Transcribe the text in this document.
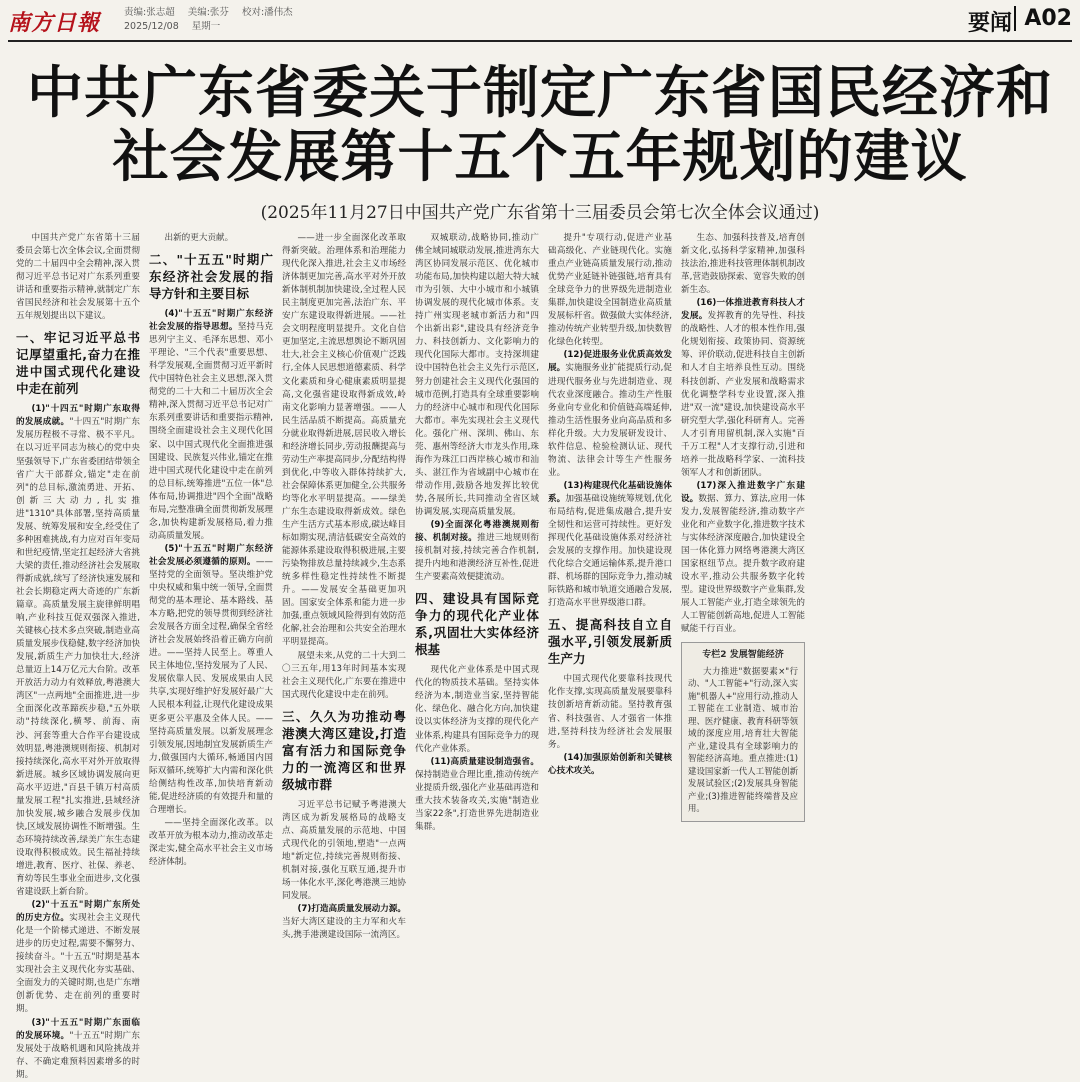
南方日報	责编:张志超 美编:张芬 校对:潘伟杰
2025/12/08 星期一	要闻 A02
中共广东省委关于制定广东省国民经济和
社会发展第十五个五年规划的建议
(2025年11月27日中国共产党广东省第十三届委员会第七次全体会议通过)

中国共产党广东省第十三届委员会第七次全体会议,全面贯彻党的二十届四中全会精神,深入贯彻习近平总书记对广东系列重要讲话和重要指示精神,就制定广东省国民经济和社会发展第十五个五年规划提出以下建议。

一、牢记习近平总书记厚望重托,奋力在推进中国式现代化建设中走在前列

(1)"十四五"时期广东取得的发展成就。"十四五"时期广东发展历程极不寻常、极不平凡。在以习近平同志为核心的党中央坚强领导下,广东省委团结带领全省广大干部群众,锚定"走在前列"的总目标,激流勇进、开拓、创新三大动力,扎实推进"1310"具体部署,坚持高质量发展、统筹发展和安全,经受住了多种困难挑战,有力应对百年变局和世纪疫情,坚定扛起经济大省挑大梁的责任,推动经济社会发展取得新成就,续写了经济快速发展和社会长期稳定两大奇迹的广东新篇章。高质量发展主旋律鲜明唱响,产业科技互促双强深入推进,关键核心技术多点突破,制造业高质量发展步伐稳健,数字经济加快发展,新质生产力加快壮大,经济总量迈上14万亿元大台阶。改革开放活力动力有效释放,粤港澳大湾区"一点两地"全面推进,进一步全面深化改革蹄疾步稳,"五外联动"持续深化,横琴、前海、南沙、河套等重大合作平台建设成效明显,粤港澳规则衔接、机制对接持续深化,高水平对外开放取得新进展。城乡区域协调发展向更高水平迈进,"百县千镇万村高质量发展工程"扎实推进,县域经济加快发展,城乡融合发展步伐加快,区域发展协调性不断增强。生态环境持续改善,绿美广东生态建设取得积极成效。民生福祉持续增进,教育、医疗、社保、养老、育幼等民生事业全面进步,文化强省建设跃上新台阶。

(2)"十五五"时期广东所处的历史方位。实现社会主义现代化是一个阶梯式递进、不断发展进步的历史过程,需要不懈努力、接续奋斗。"十五五"时期是基本实现社会主义现代化夯实基础、全面发力的关键时期,也是广东增创新优势、走在前列的重要时期。

(3)"十五五"时期广东面临的发展环境。"十五五"时期广东发展处于战略机遇和风险挑战并存、不确定难预料因素增多的时期。

出新的更大贡献。

二、"十五五"时期广东经济社会发展的指导方针和主要目标

(4)"十五五"时期广东经济社会发展的指导思想。坚持马克思列宁主义、毛泽东思想、邓小平理论、"三个代表"重要思想、科学发展观,全面贯彻习近平新时代中国特色社会主义思想,深入贯彻党的二十大和二十届历次全会精神,深入贯彻习近平总书记对广东系列重要讲话和重要指示精神,围绕全面建设社会主义现代化国家、以中国式现代化全面推进强国建设、民族复兴伟业,锚定在推进中国式现代化建设中走在前列的总目标,统筹推进"五位一体"总体布局,协调推进"四个全面"战略布局,完整准确全面贯彻新发展理念,加快构建新发展格局,着力推动高质量发展。

(5)"十五五"时期广东经济社会发展必须遵循的原则。——坚持党的全面领导。坚决维护党中央权威和集中统一领导,全面贯彻党的基本理论、基本路线、基本方略,把党的领导贯彻到经济社会发展各方面全过程,确保全省经济社会发展始终沿着正确方向前进。——坚持人民至上。尊重人民主体地位,坚持发展为了人民、发展依靠人民、发展成果由人民共享,实现好维护好发展好最广大人民根本利益,让现代化建设成果更多更公平惠及全体人民。——坚持高质量发展。以新发展理念引领发展,因地制宜发展新质生产力,做强国内大循环,畅通国内国际双循环,统筹扩大内需和深化供给侧结构性改革,加快培育新动能,促进经济质的有效提升和量的合理增长。

——坚持全面深化改革。以改革开放为根本动力,推动改革走深走实,健全高水平社会主义市场经济体制。

——进一步全面深化改革取得新突破。治理体系和治理能力现代化深入推进,社会主义市场经济体制更加完善,高水平对外开放新体制机制加快建设,全过程人民民主制度更加完善,法治广东、平安广东建设取得新进展。——社会文明程度明显提升。文化自信更加坚定,主流思想舆论不断巩固壮大,社会主义核心价值观广泛践行,全体人民思想道德素质、科学文化素质和身心健康素质明显提高,文化强省建设取得新成效,岭南文化影响力显著增强。——人民生活品质不断提高。高质量充分就业取得新进展,居民收入增长和经济增长同步,劳动报酬提高与劳动生产率提高同步,分配结构得到优化,中等收入群体持续扩大,社会保障体系更加健全,公共服务均等化水平明显提高。——绿美广东生态建设取得新成效。绿色生产生活方式基本形成,碳达峰目标如期实现,清洁低碳安全高效的能源体系建设取得积极进展,主要污染物排放总量持续减少,生态系统多样性稳定性持续性不断提升。——发展安全基础更加巩固。国家安全体系和能力进一步加强,重点领域风险得到有效防范化解,社会治理和公共安全治理水平明显提高。

展望未来,从党的二十大到二〇三五年,用13年时间基本实现社会主义现代化,广东要在推进中国式现代化建设中走在前列。

三、久久为功推动粤港澳大湾区建设,打造富有活力和国际竞争力的一流湾区和世界级城市群

习近平总书记赋予粤港澳大湾区成为新发展格局的战略支点、高质量发展的示范地、中国式现代化的引领地,塑造"一点两地"新定位,持续完善规则衔接、机制对接,强化互联互通,提升市场一体化水平,深化粤港澳三地协同发展。

(7)打造高质量发展动力源。当好大湾区建设的主力军和火车头,携手港澳建设国际一流湾区。

双城联动,战略协同,推动广佛全域同城联动发展,推进湾东大湾区协同发展示范区、优化城市功能布局,加快构建以超大特大城市为引领、大中小城市和小城镇协调发展的现代化城市体系。支持广州实现老城市新活力和"四个出新出彩",建设具有经济竞争力、科技创新力、文化影响力的现代化国际大都市。支持深圳建设中国特色社会主义先行示范区,努力创建社会主义现代化强国的城市范例,打造具有全球重要影响力的经济中心城市和现代化国际大都市。率先实现社会主义现代化。强化广州、深圳、佛山、东莞、惠州等经济大市龙头作用,珠海作为珠江口西岸核心城市和汕头、湛江作为省域副中心城市在带动作用,鼓励各地发挥比较优势,各展所长,共同推动全省区域协调发展,实现高质量发展。

(9)全面深化粤港澳规则衔接、机制对接。推进三地规则衔接机制对接,持续完善合作机制,提升内地和港澳经济互补性,促进生产要素高效便捷流动。

四、建设具有国际竞争力的现代化产业体系,巩固壮大实体经济根基

现代化产业体系是中国式现代化的物质技术基础。坚持实体经济为本,制造业当家,坚持智能化、绿色化、融合化方向,加快建设以实体经济为支撑的现代化产业体系,构建具有国际竞争力的现代化产业体系。

(11)高质量建设制造强省。保持制造业合理比重,推动传统产业提质升级,强化产业基础再造和重大技术装备攻关,实施"制造业当家22条",打造世界先进制造业集群。

提升"专项行动,促进产业基础高级化、产业链现代化。实施重点产业链高质量发展行动,推动优势产业延链补链强链,培育具有全球竞争力的世界级先进制造业集群,加快建设全国制造业高质量发展标杆省。做强做大实体经济,推动传统产业转型升级,加快数智化绿色化转型。

(12)促进服务业优质高效发展。实施服务业扩能提质行动,促进现代服务业与先进制造业、现代农业深度融合。推动生产性服务业向专业化和价值链高端延伸,推动生活性服务业向高品质和多样化升级。大力发展研发设计、软件信息、检验检测认证、现代物流、法律会计等生产性服务业。

(13)构建现代化基础设施体系。加强基础设施统筹规划,优化布局结构,促进集成融合,提升安全韧性和运营可持续性。更好发挥现代化基础设施体系对经济社会发展的支撑作用。加快建设现代化综合交通运输体系,提升港口群、机场群的国际竞争力,推动城际铁路和城市轨道交通融合发展,打造高水平世界级港口群。

五、提高科技自立自强水平,引领发展新质生产力

中国式现代化要靠科技现代化作支撑,实现高质量发展要靠科技创新培育新动能。坚持教育强省、科技强省、人才强省一体推进,坚持科技为经济社会发展服务。

(14)加强原始创新和关键核心技术攻关。

生态、加强科技普及,培育创新文化,弘扬科学家精神,加强科技法治,推进科技管理体制机制改革,营造鼓励探索、宽容失败的创新生态。

(16)一体推进教育科技人才发展。发挥教育的先导性、科技的战略性、人才的根本性作用,强化规划衔接、政策协同、资源统筹、评价联动,促进科技自主创新和人才自主培养良性互动。围绕科技创新、产业发展和战略需求优化调整学科专业设置,深入推进"双一流"建设,加快建设高水平研究型大学,强化科研育人。完善人才引育用留机制,深入实施"百千万工程"人才支撑行动,引进和培养一批战略科学家、一流科技领军人才和创新团队。

(17)深入推进数字广东建设。数据、算力、算法,应用一体发力,发展智能经济,推动数字产业化和产业数字化,推进数字技术与实体经济深度融合,加快建设全国一体化算力网络粤港澳大湾区国家枢纽节点。提升数字政府建设水平,推动公共服务数字化转型。建设世界级数字产业集群,发展人工智能产业,打造全球领先的人工智能创新高地,促进人工智能赋能千行百业。

专栏2 发展智能经济

大力推进"数据要素×"行动、"人工智能+"行动,深入实施"机器人+"应用行动,推动人工智能在工业制造、城市治理、医疗健康、教育科研等领域的深度应用,培育壮大智能产业,建设具有全球影响力的智能经济高地。重点推进:(1)建设国家新一代人工智能创新发展试验区;(2)发展具身智能产业;(3)推进智能终端普及应用。
